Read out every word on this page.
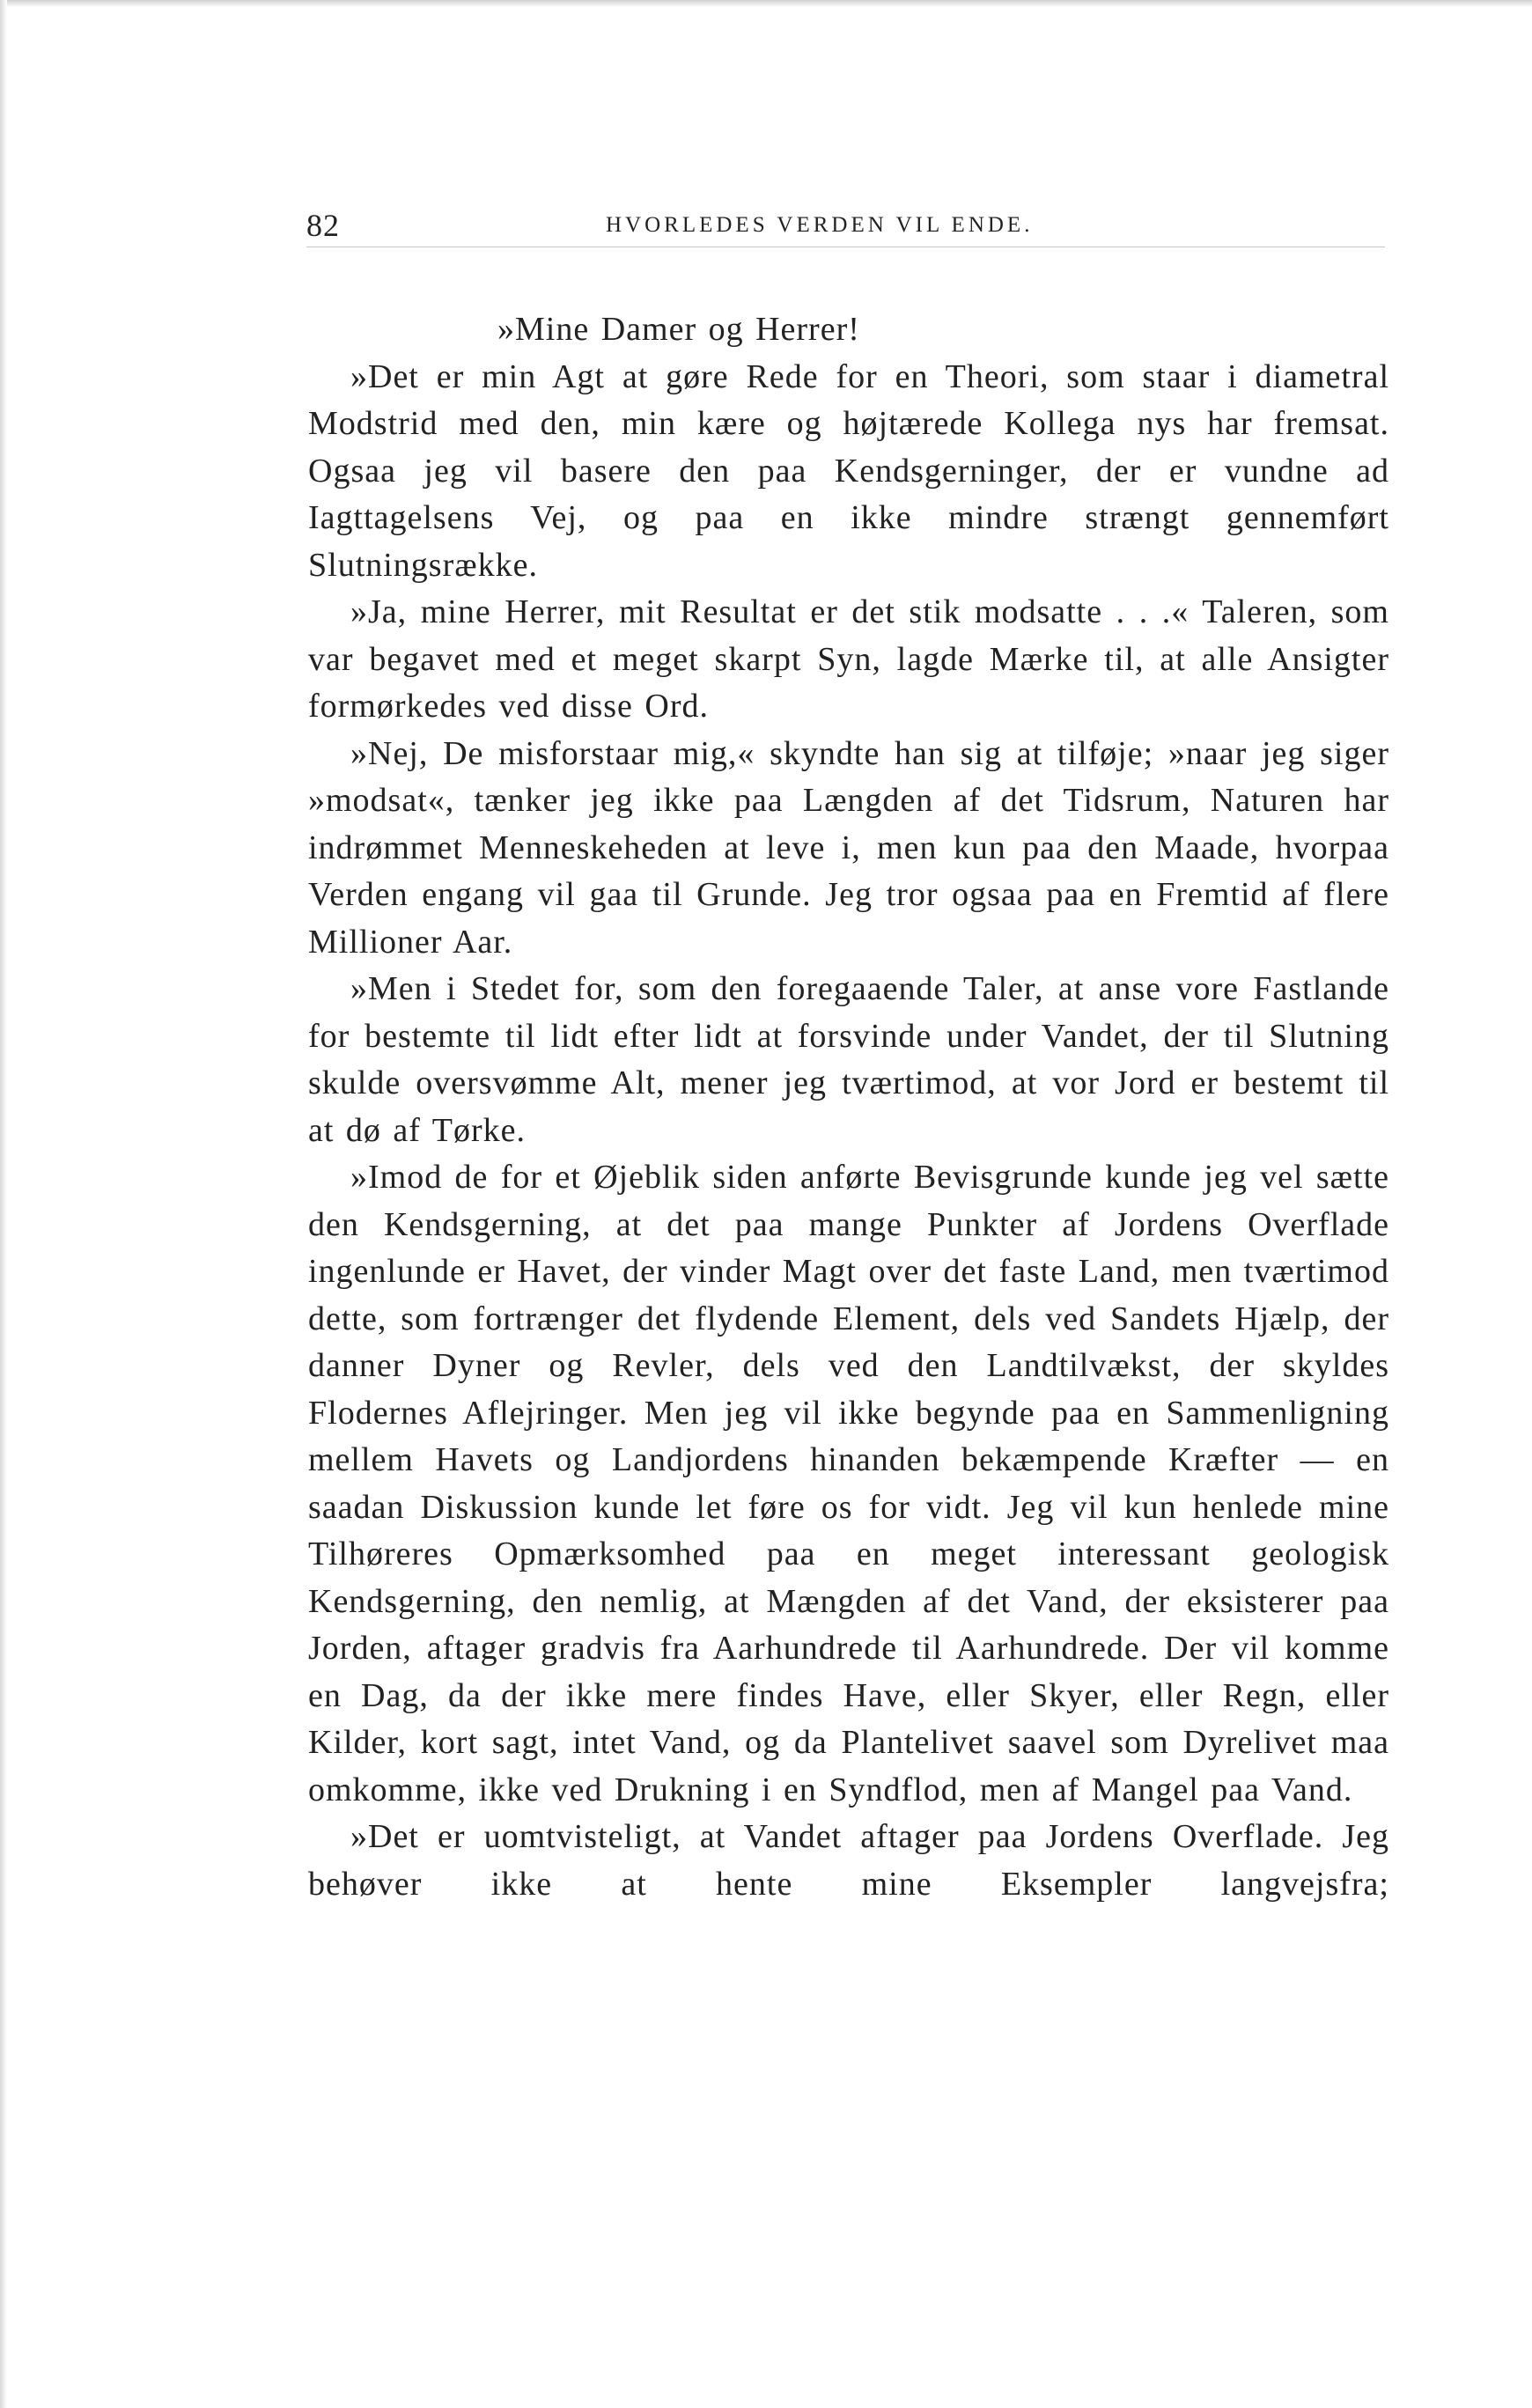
82	HVORLEDES VERDEN VIL ENDE.

»Mine Damer og Herrer!

»Det er min Agt at gøre Rede for en Theori, som staar i diametral Modstrid med den, min kære og højtærede Kollega nys har fremsat. Ogsaa jeg vil basere den paa Kendsgerninger, der er vundne ad Iagttagelsens Vej, og paa en ikke mindre strængt gennemført Slutningsrække.

»Ja, mine Herrer, mit Resultat er det stik modsatte . . .« Taleren, som var begavet med et meget skarpt Syn, lagde Mærke til, at alle Ansigter formørkedes ved disse Ord.

»Nej, De misforstaar mig,« skyndte han sig at tilføje; »naar jeg siger »modsat«, tænker jeg ikke paa Længden af det Tidsrum, Naturen har indrømmet Menneskeheden at leve i, men kun paa den Maade, hvorpaa Verden engang vil gaa til Grunde. Jeg tror ogsaa paa en Fremtid af flere Millioner Aar.

»Men i Stedet for, som den foregaaende Taler, at anse vore Fastlande for bestemte til lidt efter lidt at forsvinde under Vandet, der til Slutning skulde oversvømme Alt, mener jeg tværtimod, at vor Jord er bestemt til at dø af Tørke.

»Imod de for et Øjeblik siden anførte Bevisgrunde kunde jeg vel sætte den Kendsgerning, at det paa mange Punkter af Jordens Overflade ingenlunde er Havet, der vinder Magt over det faste Land, men tværtimod dette, som fortrænger det flydende Element, dels ved Sandets Hjælp, der danner Dyner og Revler, dels ved den Landtilvækst, der skyldes Flodernes Aflejringer. Men jeg vil ikke begynde paa en Sammenligning mellem Havets og Landjordens hinanden bekæmpende Kræfter — en saadan Diskussion kunde let føre os for vidt. Jeg vil kun henlede mine Tilhøreres Opmærksomhed paa en meget interessant geologisk Kendsgerning, den nemlig, at Mængden af det Vand, der eksisterer paa Jorden, aftager gradvis fra Aarhundrede til Aarhundrede. Der vil komme en Dag, da der ikke mere findes Have, eller Skyer, eller Regn, eller Kilder, kort sagt, intet Vand, og da Plantelivet saavel som Dyrelivet maa omkomme, ikke ved Drukning i en Syndflod, men af Mangel paa Vand.

»Det er uomtvisteligt, at Vandet aftager paa Jordens Overflade. Jeg behøver ikke at hente mine Eksempler langvejsfra;
